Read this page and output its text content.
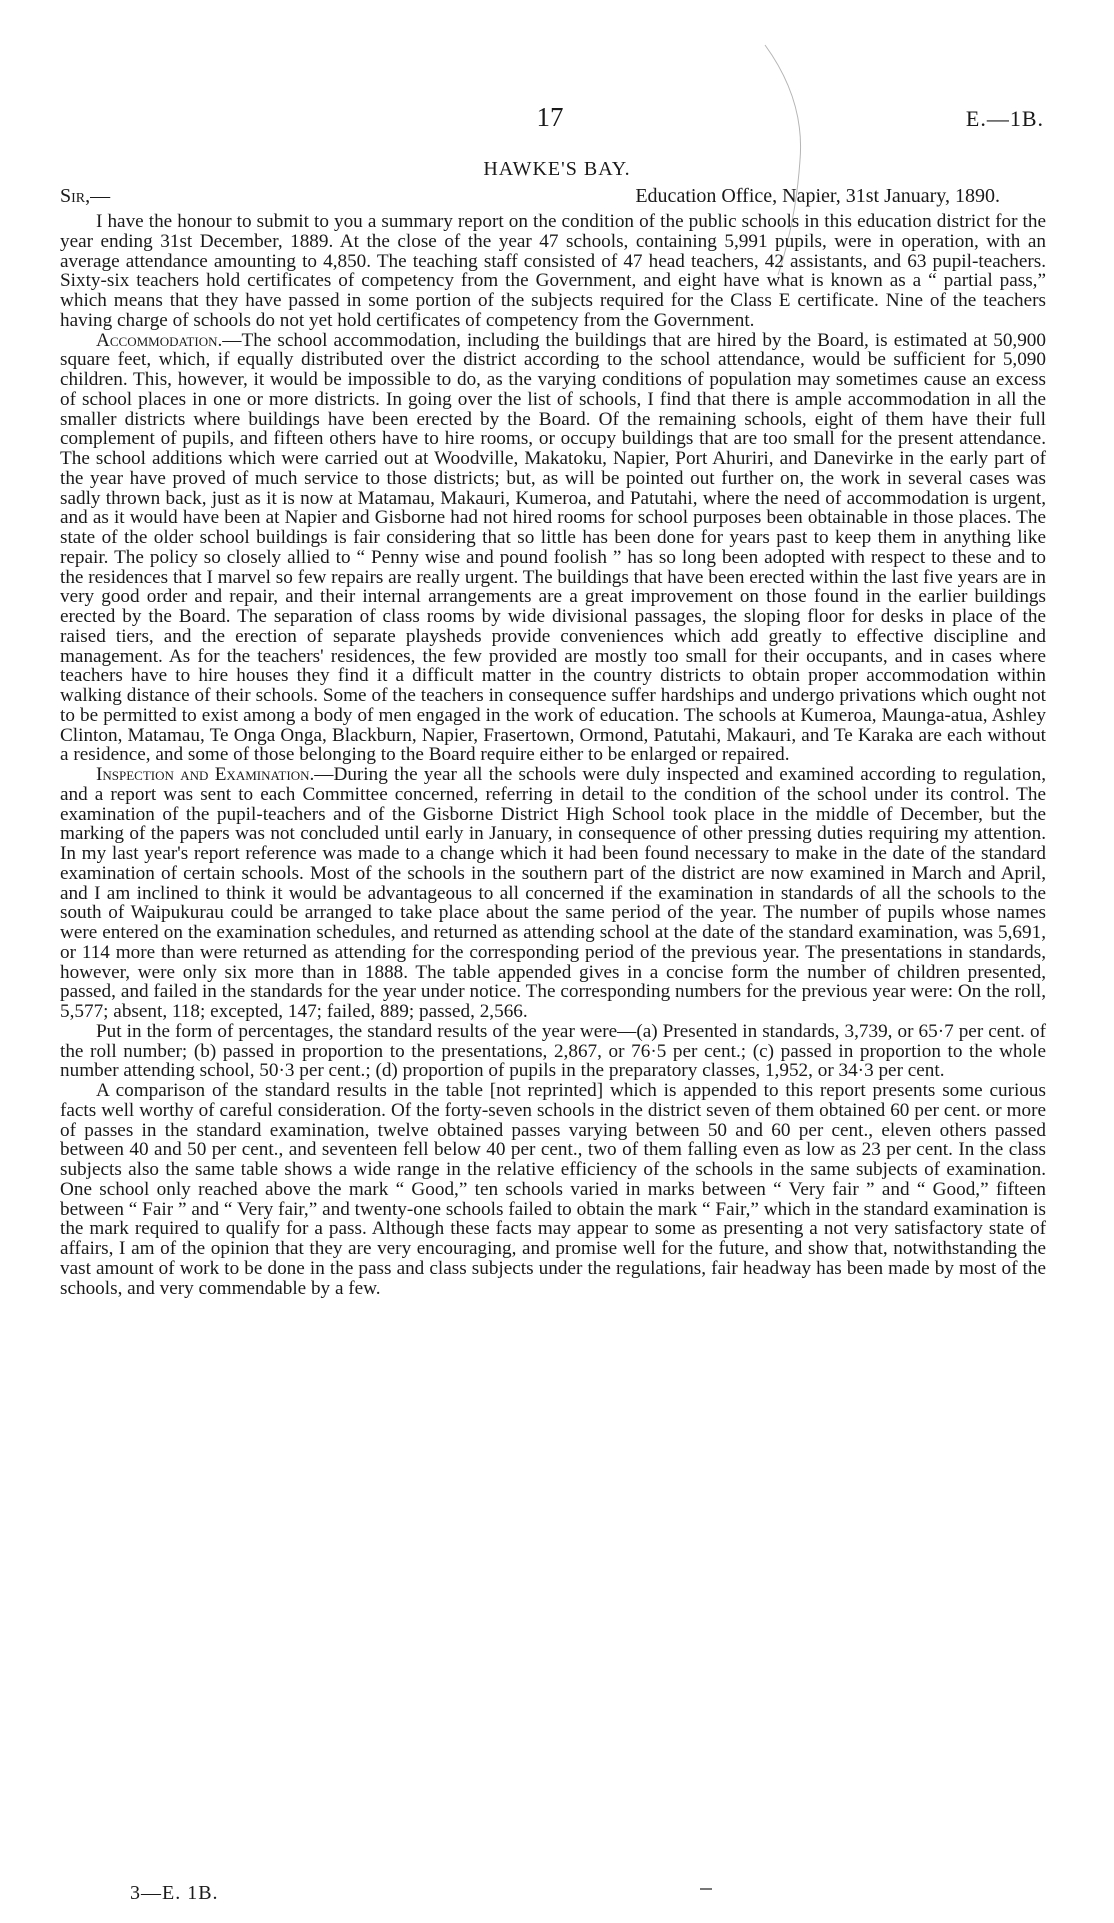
17	E.—1B.
HAWKE'S BAY.
Sir,—	Education Office, Napier, 31st January, 1890.

I have the honour to submit to you a summary report on the condition of the public schools in this education district for the year ending 31st December, 1889. At the close of the year 47 schools, containing 5,991 pupils, were in operation, with an average attendance amounting to 4,850. The teaching staff consisted of 47 head teachers, 42 assistants, and 63 pupil-teachers. Sixty-six teachers hold certificates of competency from the Government, and eight have what is known as a “ partial pass,” which means that they have passed in some portion of the subjects required for the Class E certificate. Nine of the teachers having charge of schools do not yet hold certificates of competency from the Government.

Accommodation.—The school accommodation, including the buildings that are hired by the Board, is estimated at 50,900 square feet, which, if equally distributed over the district according to the school attendance, would be sufficient for 5,090 children. This, however, it would be impossible to do, as the varying conditions of population may sometimes cause an excess of school places in one or more districts. In going over the list of schools, I find that there is ample accommodation in all the smaller districts where buildings have been erected by the Board. Of the remaining schools, eight of them have their full complement of pupils, and fifteen others have to hire rooms, or occupy buildings that are too small for the present attendance. The school additions which were carried out at Woodville, Makatoku, Napier, Port Ahuriri, and Danevirke in the early part of the year have proved of much service to those districts; but, as will be pointed out further on, the work in several cases was sadly thrown back, just as it is now at Matamau, Makauri, Kumeroa, and Patutahi, where the need of accommodation is urgent, and as it would have been at Napier and Gisborne had not hired rooms for school purposes been obtainable in those places. The state of the older school buildings is fair considering that so little has been done for years past to keep them in anything like repair. The policy so closely allied to “ Penny wise and pound foolish ” has so long been adopted with respect to these and to the residences that I marvel so few repairs are really urgent. The buildings that have been erected within the last five years are in very good order and repair, and their internal arrangements are a great improvement on those found in the earlier buildings erected by the Board. The separation of class rooms by wide divisional passages, the sloping floor for desks in place of the raised tiers, and the erection of separate playsheds provide conveniences which add greatly to effective discipline and management. As for the teachers' residences, the few provided are mostly too small for their occupants, and in cases where teachers have to hire houses they find it a difficult matter in the country districts to obtain proper accommodation within walking distance of their schools. Some of the teachers in consequence suffer hardships and undergo privations which ought not to be permitted to exist among a body of men engaged in the work of education. The schools at Kumeroa, Maunga-atua, Ashley Clinton, Matamau, Te Onga Onga, Blackburn, Napier, Frasertown, Ormond, Patutahi, Makauri, and Te Karaka are each without a residence, and some of those belonging to the Board require either to be enlarged or repaired.

Inspection and Examination.—During the year all the schools were duly inspected and examined according to regulation, and a report was sent to each Committee concerned, referring in detail to the condition of the school under its control. The examination of the pupil-teachers and of the Gisborne District High School took place in the middle of December, but the marking of the papers was not concluded until early in January, in consequence of other pressing duties requiring my attention. In my last year's report reference was made to a change which it had been found necessary to make in the date of the standard examination of certain schools. Most of the schools in the southern part of the district are now examined in March and April, and I am inclined to think it would be advantageous to all concerned if the examination in standards of all the schools to the south of Waipukurau could be arranged to take place about the same period of the year. The number of pupils whose names were entered on the examination schedules, and returned as attending school at the date of the standard examination, was 5,691, or 114 more than were returned as attending for the corresponding period of the previous year. The presentations in standards, however, were only six more than in 1888. The table appended gives in a concise form the number of children presented, passed, and failed in the standards for the year under notice. The corresponding numbers for the previous year were: On the roll, 5,577; absent, 118; excepted, 147; failed, 889; passed, 2,566.

Put in the form of percentages, the standard results of the year were—(a) Presented in standards, 3,739, or 65·7 per cent. of the roll number; (b) passed in proportion to the presentations, 2,867, or 76·5 per cent.; (c) passed in proportion to the whole number attending school, 50·3 per cent.; (d) proportion of pupils in the preparatory classes, 1,952, or 34·3 per cent.

A comparison of the standard results in the table [not reprinted] which is appended to this report presents some curious facts well worthy of careful consideration. Of the forty-seven schools in the district seven of them obtained 60 per cent. or more of passes in the standard examination, twelve obtained passes varying between 50 and 60 per cent., eleven others passed between 40 and 50 per cent., and seventeen fell below 40 per cent., two of them falling even as low as 23 per cent. In the class subjects also the same table shows a wide range in the relative efficiency of the schools in the same subjects of examination. One school only reached above the mark “ Good,” ten schools varied in marks between “ Very fair ” and “ Good,” fifteen between “ Fair ” and “ Very fair,” and twenty-one schools failed to obtain the mark “ Fair,” which in the standard examination is the mark required to qualify for a pass. Although these facts may appear to some as presenting a not very satisfactory state of affairs, I am of the opinion that they are very encouraging, and promise well for the future, and show that, notwithstanding the vast amount of work to be done in the pass and class subjects under the regulations, fair headway has been made by most of the schools, and very commendable by a few.

3—E. 1B.
